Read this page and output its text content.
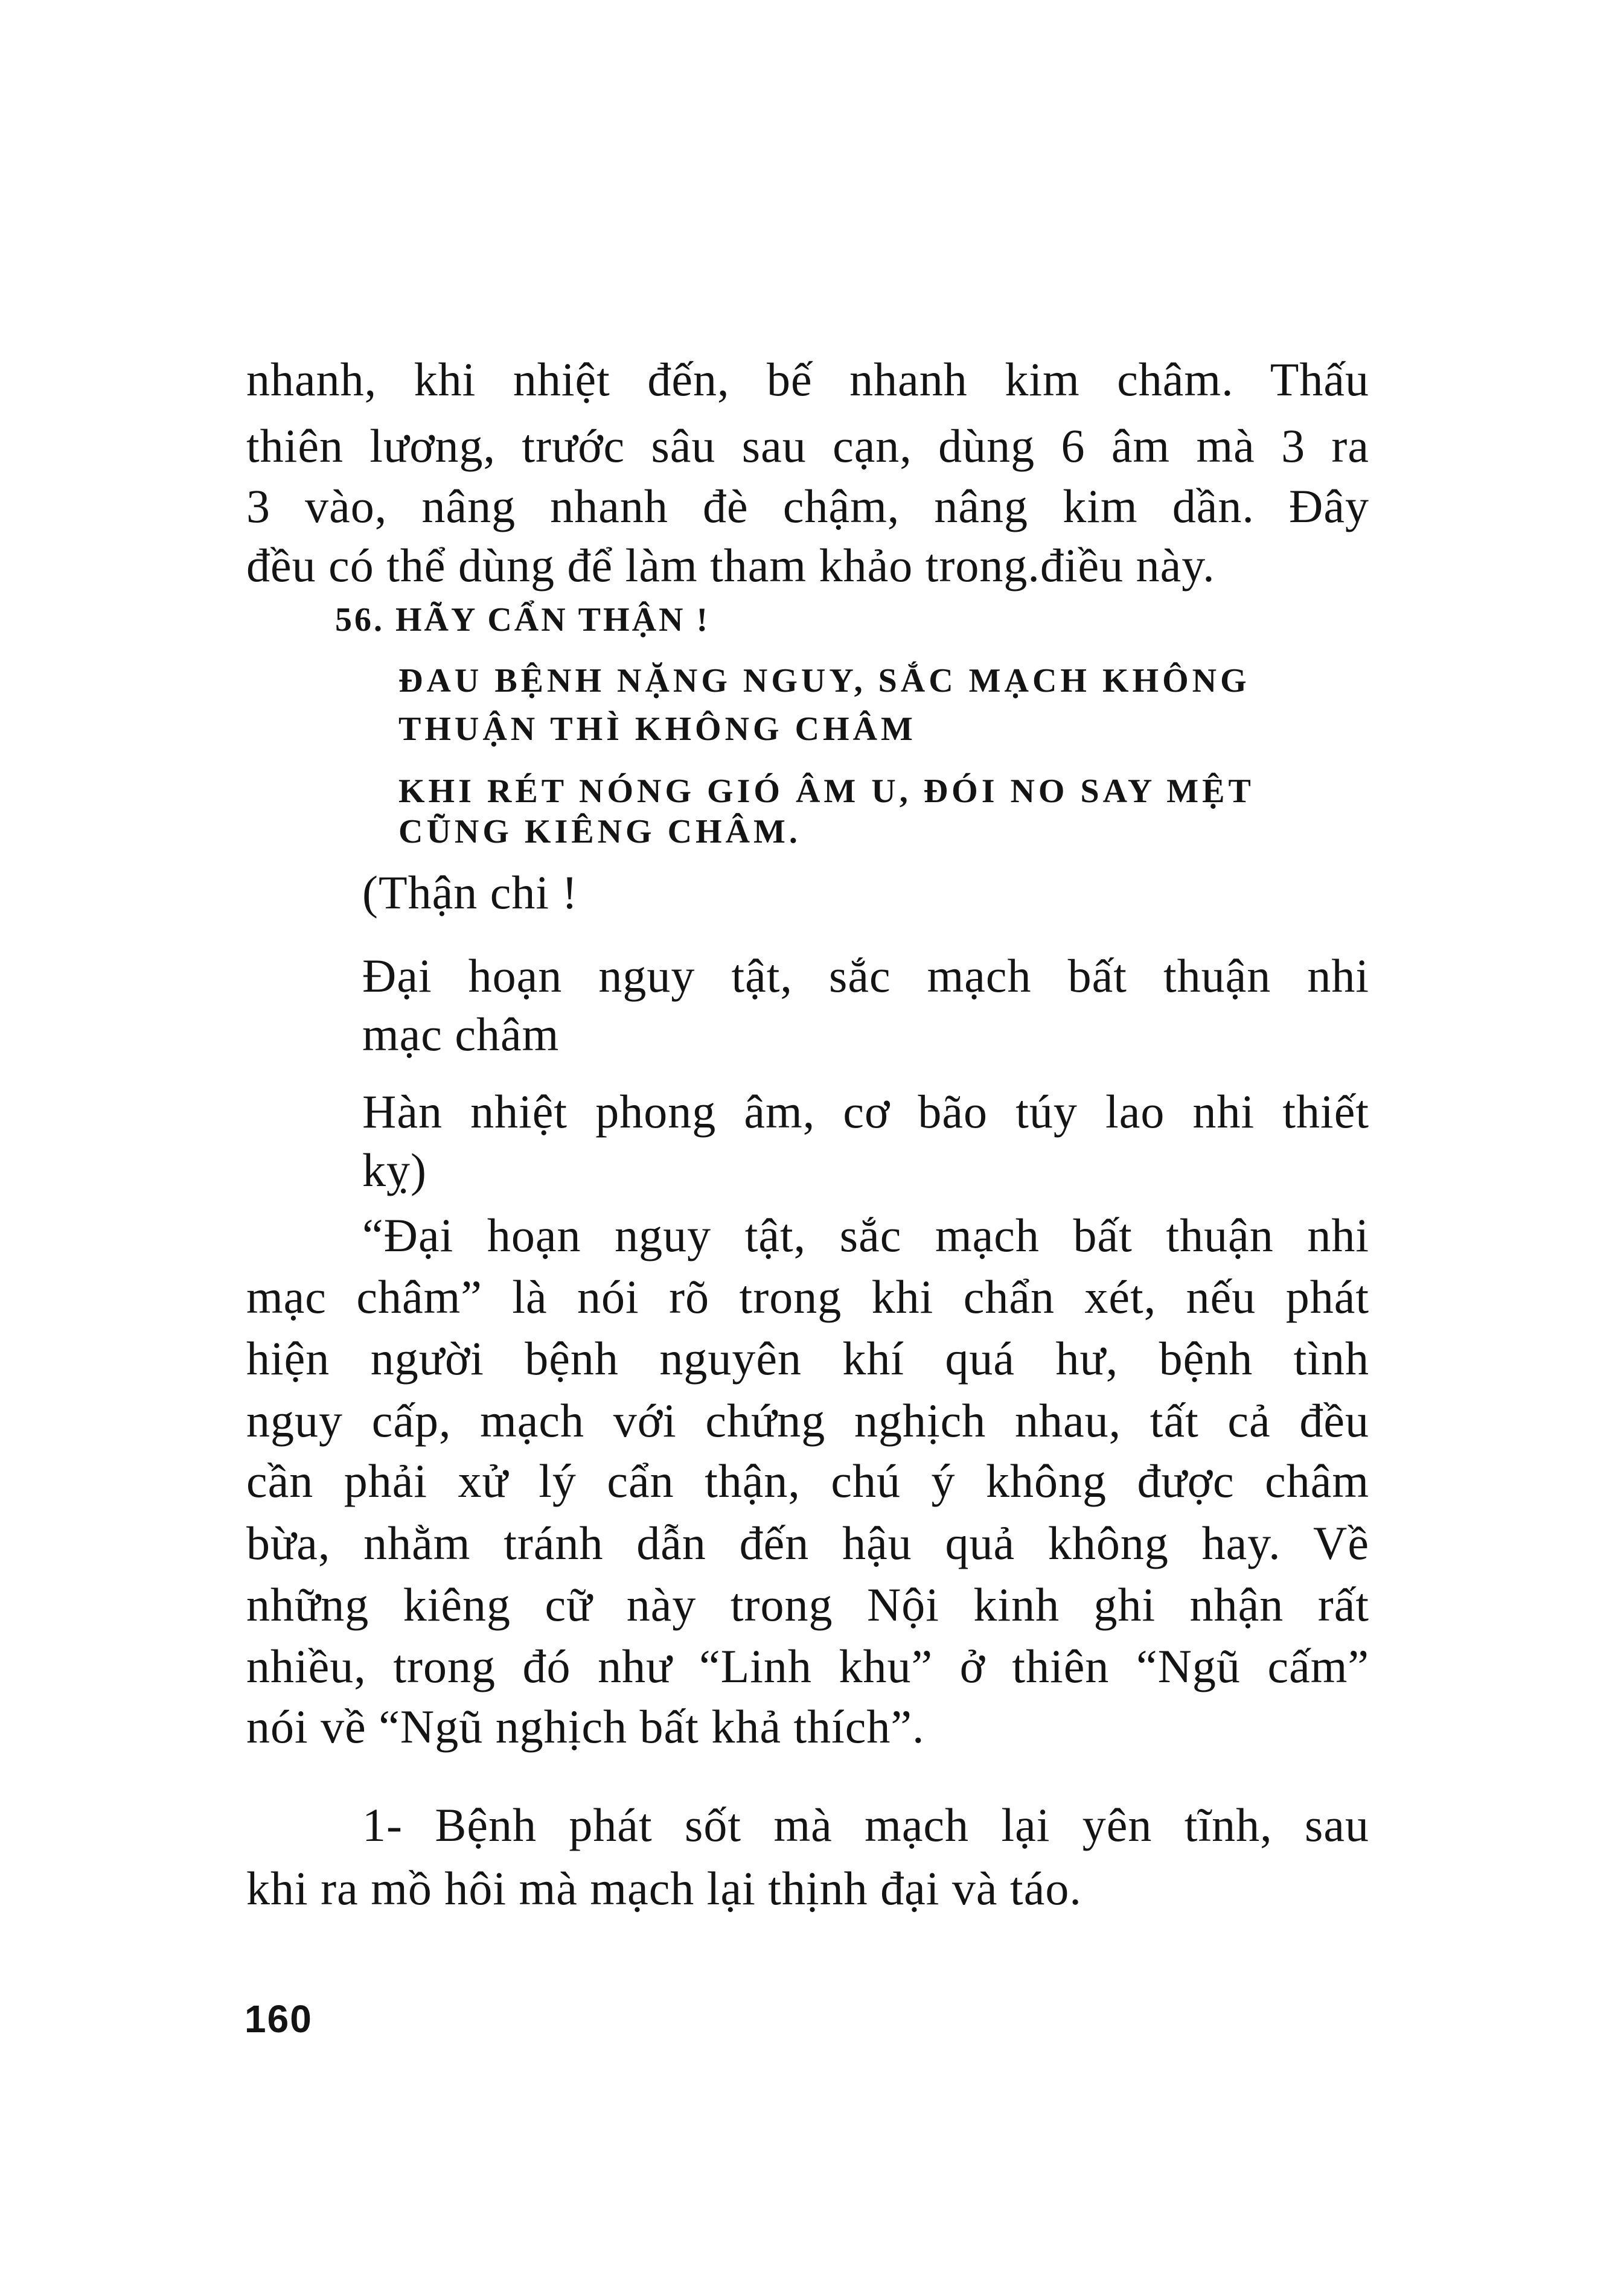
nhanh, khi nhiệt đến, bế nhanh kim châm. Thấu
thiên lương, trước sâu sau cạn, dùng 6 âm mà 3 ra
3 vào, nâng nhanh đè chậm, nâng kim dần. Đây
đều có thể dùng để làm tham khảo trong.điều này.
56. HÃY CẨN THẬN !
ĐAU BỆNH NẶNG NGUY, SẮC MẠCH KHÔNG
THUẬN THÌ KHÔNG CHÂM
KHI RÉT NÓNG GIÓ ÂM U, ĐÓI NO SAY MỆT
CŨNG KIÊNG CHÂM.
(Thận chi !
Đại hoạn nguy tật, sắc mạch bất thuận nhi
mạc châm
Hàn nhiệt phong âm, cơ bão túy lao nhi thiết
kỵ)
“Đại hoạn nguy tật, sắc mạch bất thuận nhi
mạc châm” là nói rõ trong khi chẩn xét, nếu phát
hiện người bệnh nguyên khí quá hư, bệnh tình
nguy cấp, mạch với chứng nghịch nhau, tất cả đều
cần phải xử lý cẩn thận, chú ý không được châm
bừa, nhằm tránh dẫn đến hậu quả không hay. Về
những kiêng cữ này trong Nội kinh ghi nhận rất
nhiều, trong đó như “Linh khu” ở thiên “Ngũ cấm”
nói về “Ngũ nghịch bất khả thích”.
1- Bệnh phát sốt mà mạch lại yên tĩnh, sau
khi ra mồ hôi mà mạch lại thịnh đại và táo.
160
